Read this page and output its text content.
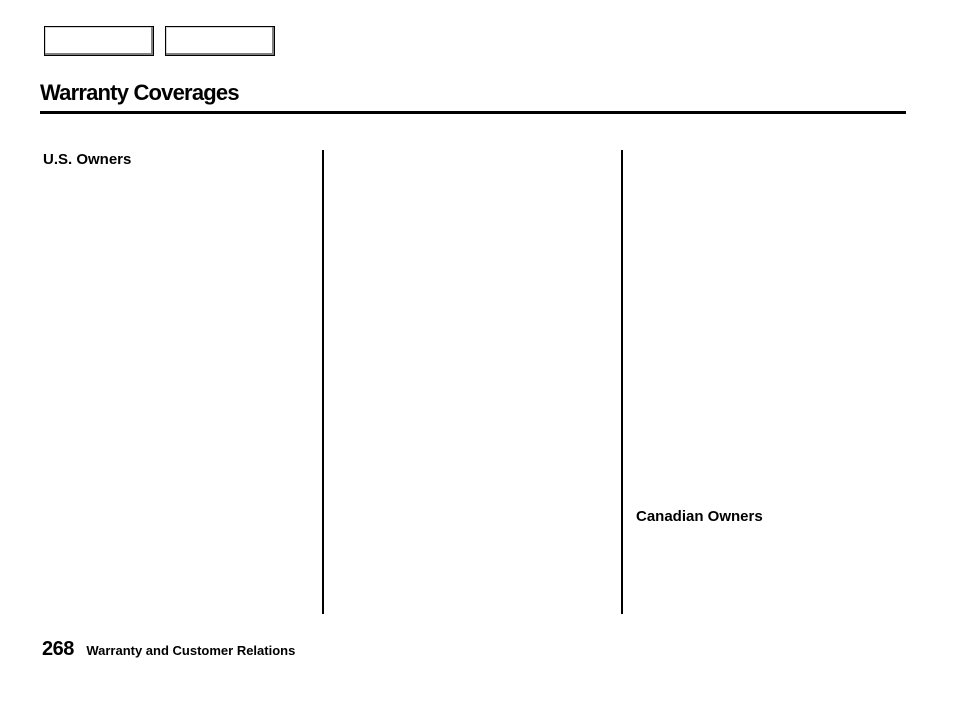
Warranty Coverages
U.S. Owners
Canadian Owners
268 Warranty and Customer Relations
